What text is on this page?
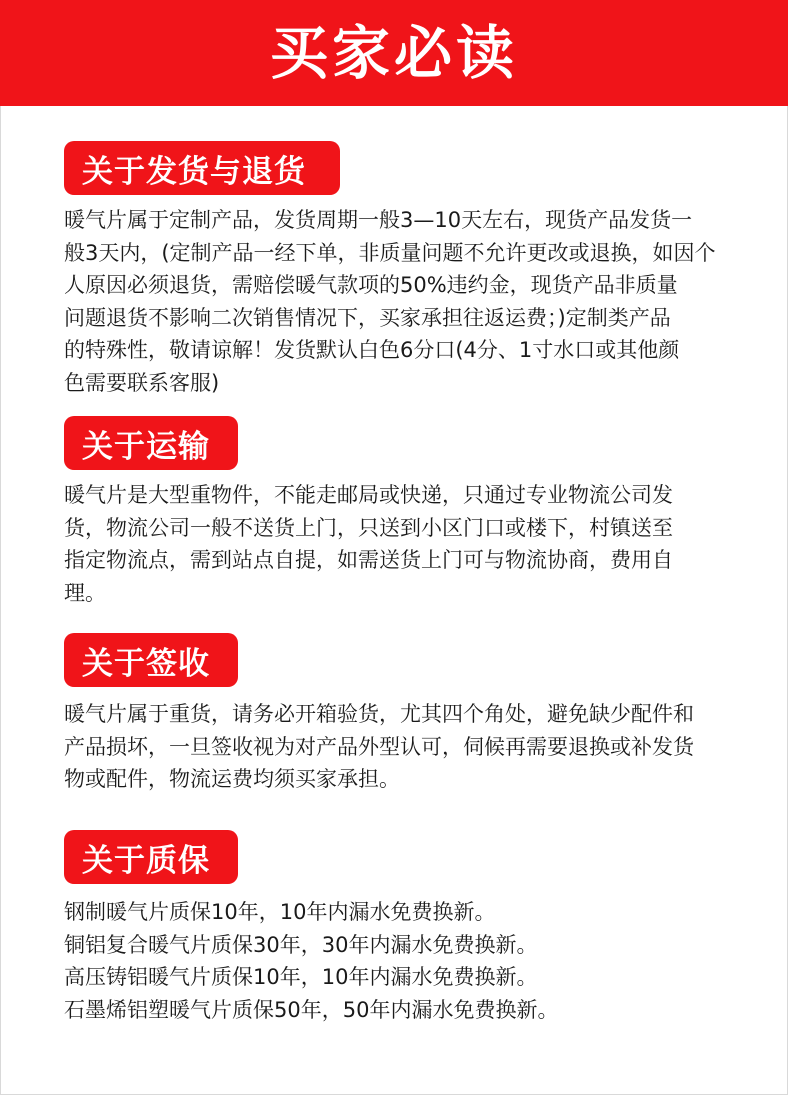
买家必读
关于发货与退货

暖气片属于定制产品，发货周期一般3—10天左右，现货产品发货一
般3天内，(定制产品一经下单，非质量问题不允许更改或退换，如因个
人原因必须退货，需赔偿暖气款项的50%违约金，现货产品非质量
问题退货不影响二次销售情况下，买家承担往返运费；)定制类产品
的特殊性，敬请谅解！发货默认白色6分口(4分、1寸水口或其他颜
色需要联系客服)

关于运输

暖气片是大型重物件，不能走邮局或快递，只通过专业物流公司发
货，物流公司一般不送货上门，只送到小区门口或楼下，村镇送至
指定物流点，需到站点自提，如需送货上门可与物流协商，费用自
理。

关于签收

暖气片属于重货，请务必开箱验货，尤其四个角处，避免缺少配件和
产品损坏，一旦签收视为对产品外型认可，伺候再需要退换或补发货
物或配件，物流运费均须买家承担。

关于质保

钢制暖气片质保10年，10年内漏水免费换新。
铜铝复合暖气片质保30年，30年内漏水免费换新。
高压铸铝暖气片质保10年，10年内漏水免费换新。
石墨烯铝塑暖气片质保50年，50年内漏水免费换新。
